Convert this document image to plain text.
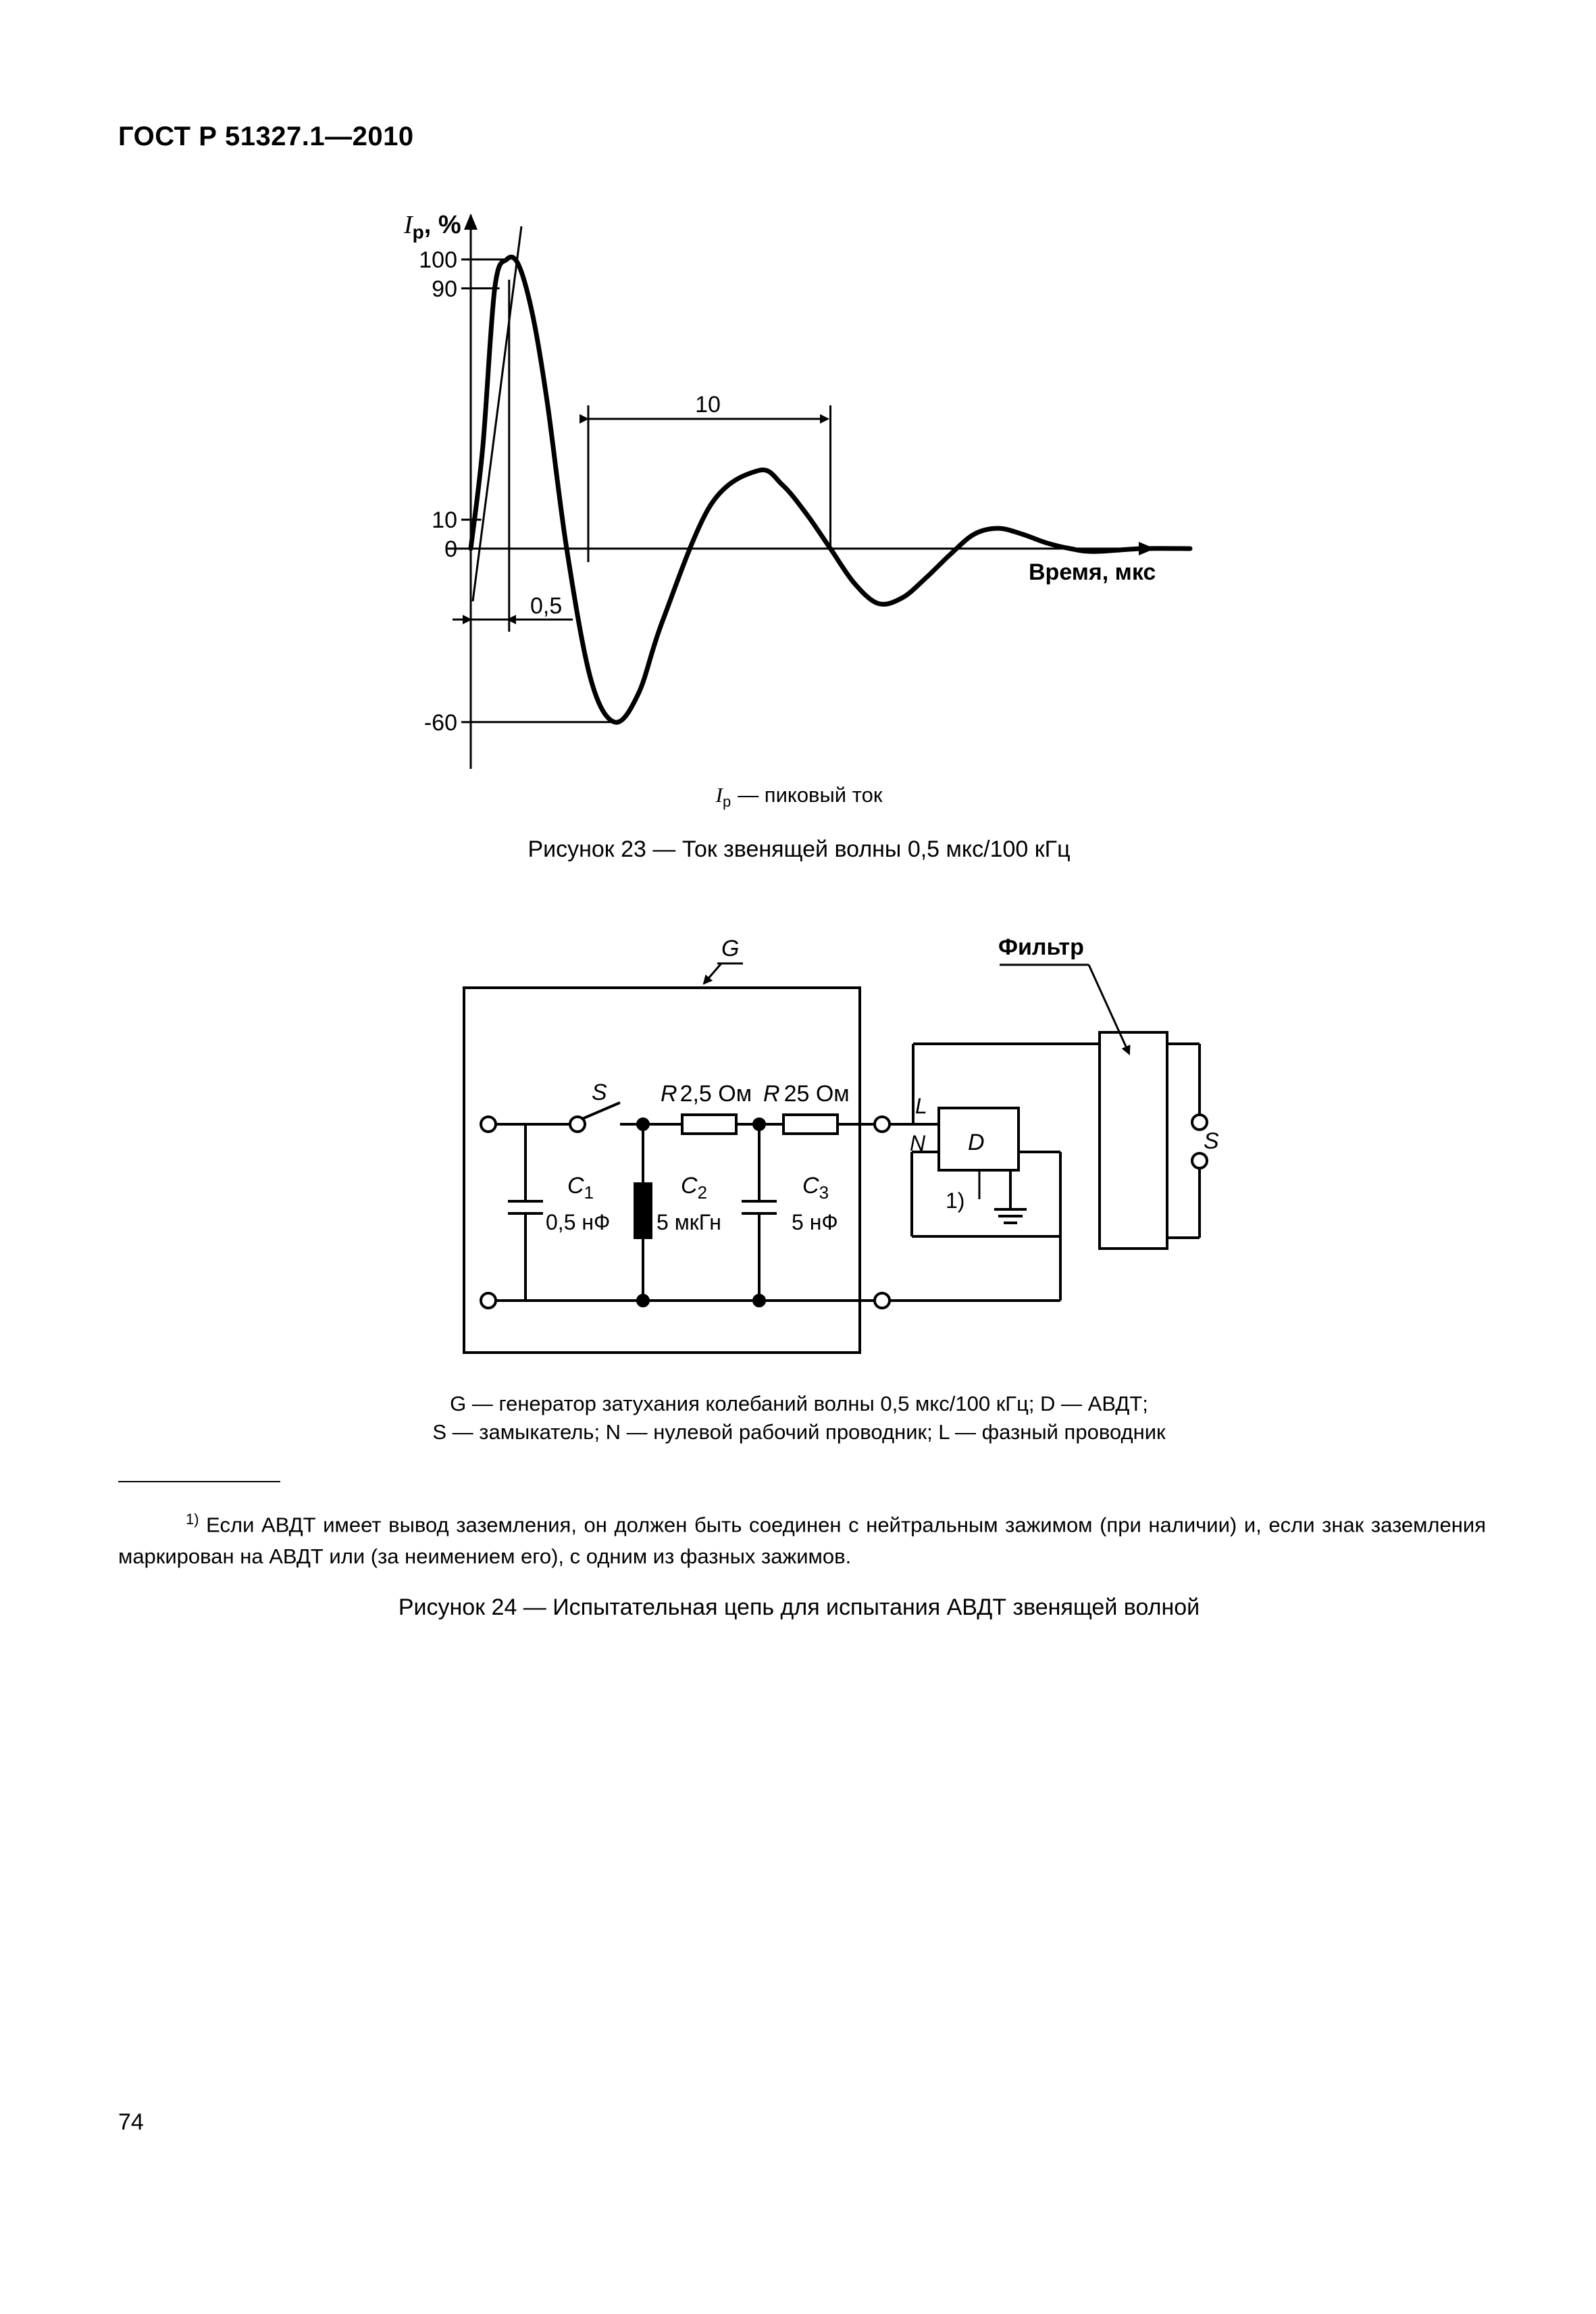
ГОСТ Р 51327.1—2010
$I_р$, %
100
90
10
0
-60
10
0,5
Время, мкс
$I_р$ — пиковый ток
Рисунок 23 — Ток звенящей волны 0,5 мкс/100 кГц
G
S R 2,5 Ом R 25 Ом
$C_1$
0,5 нФ
$C_2$
5 мкГн
$C_3$
5 нФ
D
L
N
1)
Фильтр
S
G — генератор затухания колебаний волны 0,5 мкс/100 кГц; D — АВДТ;
S — замыкатель; N — нулевой рабочий проводник; L — фазный проводник
Рисунок 24 — Испытательная цепь для испытания АВДТ звенящей волной
$^{1)}$ Если АВДТ имеет вывод заземления, он должен быть соединен с нейтральным зажимом (при наличии) и, если знак заземления маркирован на АВДТ или (за неимением его), с одним из фазных зажимов.
74
